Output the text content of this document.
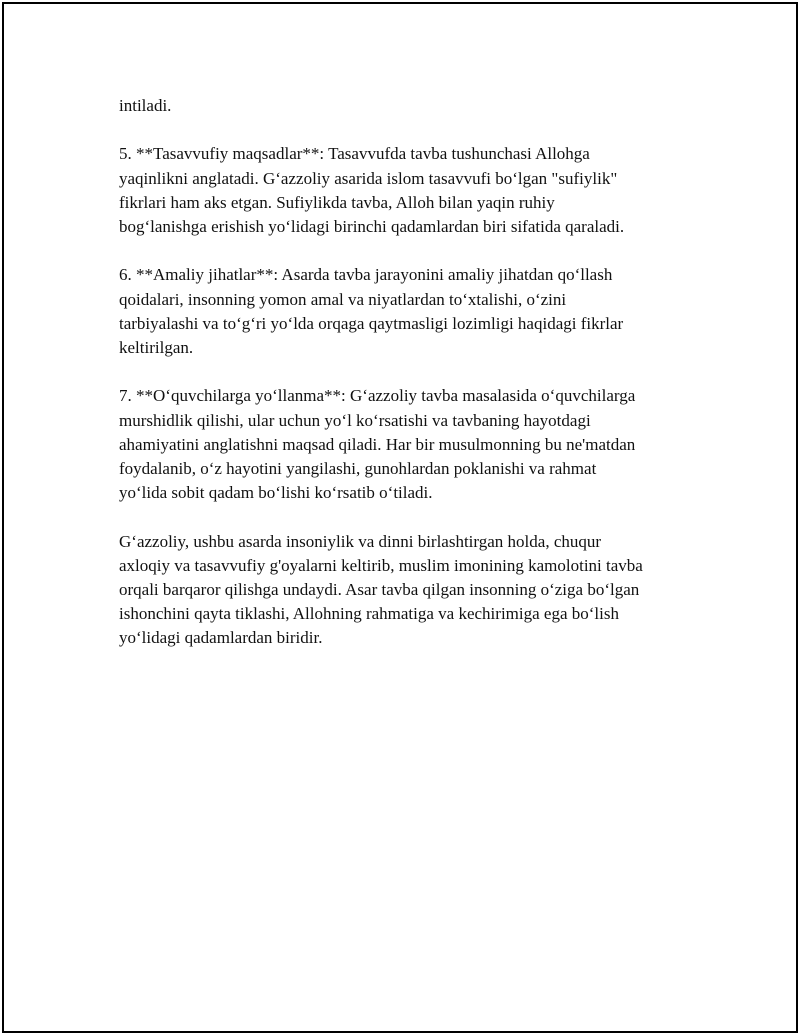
intiladi.

5. **Tasavvufiy maqsadlar**: Tasavvufda tavba tushunchasi Allohga
yaqinlikni anglatadi. G‘azzoliy asarida islom tasavvufi bo‘lgan "sufiylik"
fikrlari ham aks etgan. Sufiylikda tavba, Alloh bilan yaqin ruhiy
bog‘lanishga erishish yo‘lidagi birinchi qadamlardan biri sifatida qaraladi.

6. **Amaliy jihatlar**: Asarda tavba jarayonini amaliy jihatdan qo‘llash
qoidalari, insonning yomon amal va niyatlardan to‘xtalishi, o‘zini
tarbiyalashi va to‘g‘ri yo‘lda orqaga qaytmasligi lozimligi haqidagi fikrlar
keltirilgan.

7. **O‘quvchilarga yo‘llanma**: G‘azzoliy tavba masalasida o‘quvchilarga
murshidlik qilishi, ular uchun yo‘l ko‘rsatishi va tavbaning hayotdagi
ahamiyatini anglatishni maqsad qiladi. Har bir musulmonning bu ne'matdan
foydalanib, o‘z hayotini yangilashi, gunohlardan poklanishi va rahmat
yo‘lida sobit qadam bo‘lishi ko‘rsatib o‘tiladi.

G‘azzoliy, ushbu asarda insoniylik va dinni birlashtirgan holda, chuqur
axloqiy va tasavvufiy g'oyalarni keltirib, muslim imonining kamolotini tavba
orqali barqaror qilishga undaydi. Asar tavba qilgan insonning o‘ziga bo‘lgan
ishonchini qayta tiklashi, Allohning rahmatiga va kechirimiga ega bo‘lish
yo‘lidagi qadamlardan biridir.
